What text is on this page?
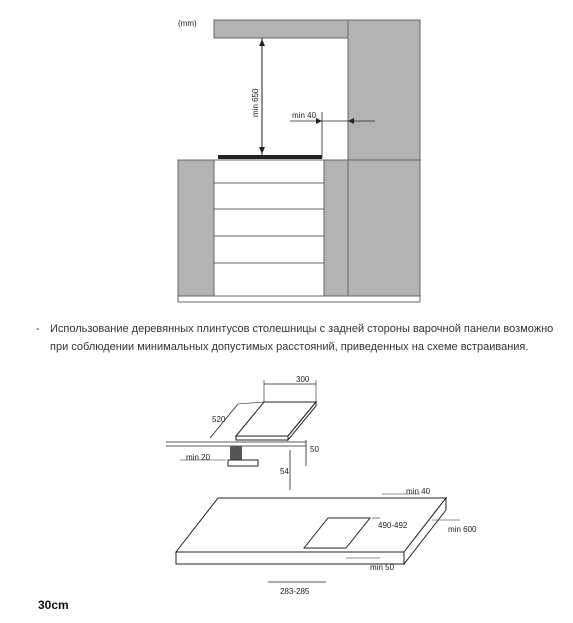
(mm)
min 650	min 40
- Использование деревянных плинтусов столешницы с задней стороны варочной панели возможно при соблюдении минимальных допустимых расстояний, приведенных на схеме встраивания.
300
520
50
min 20
54
min 40
490-492	min 600
min 50
283-285
30cm
